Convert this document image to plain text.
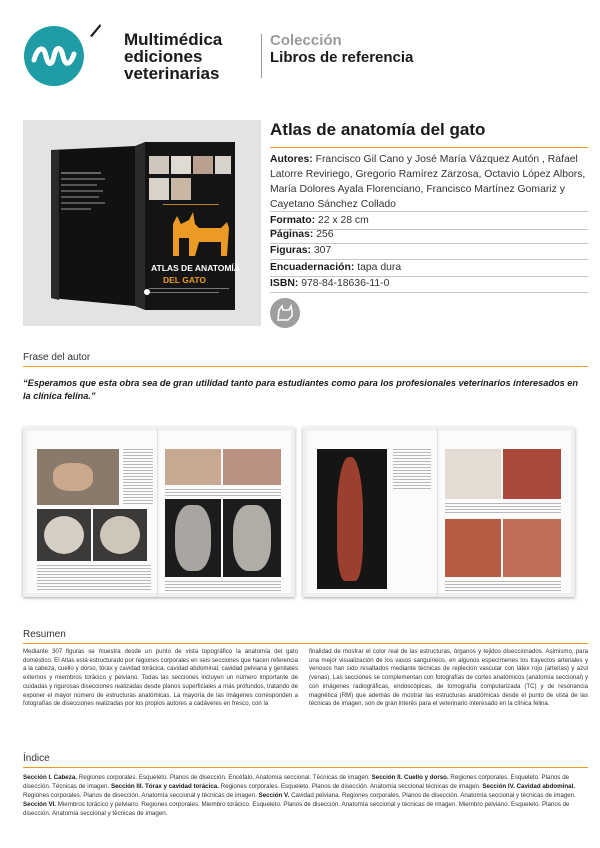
Multimédica
ediciones
veterinarias
Colección
Libros de referencia
ATLAS DE ANATOMÍA
DEL GATO
Atlas de anatomía del gato
Autores: Francisco Gil Cano y José María Vázquez Autón , Rafael Latorre Reviriego, Gregorio Ramírez Zarzosa, Octavio López Albors, María Dolores Ayala Florenciano, Francisco Martínez Gomariz y Cayetano Sánchez Collado
Formato: 22 x 28 cm
Páginas: 256
Figuras: 307
Encuadernación: tapa dura
ISBN: 978-84-18636-11-0
Frase del autor
“Esperamos que esta obra sea de gran utilidad tanto para estudiantes como para los profesionales veterinarios interesados en la clínica felina.”
Resumen
Mediante 307 figuras se muestra desde un punto de vista topográfico la anatomía del gato doméstico. El Atlas está estructurado por regiones corporales en seis secciones que hacen referencia a la cabeza, cuello y dorso, tórax y cavidad torácica, cavidad abdominal, cavidad pelviana y genitales externos y miembros torácico y pelviano. Todas las secciones incluyen un número importante de cuidadas y rigurosas disecciones realizadas desde planos superficiales a más profundos, tratando de exponer el mayor número de estructuras anatómicas. La mayoría de las imágenes corresponden a fotografías de disecciones realizadas por los propios autores a cadáveres en fresco, con la
finalidad de mostrar el color real de las estructuras, órganos y tejidos diseccionados. Asimismo, para una mejor visualización de los vasos sanguíneos, en algunos especímenes los trayectos arteriales y venosos han sido resaltados mediante técnicas de repleción vascular con látex rojo (arterias) y azul (venas). Las secciones se complementan con fotografías de cortes anatómicos (anatomía seccional) y con imágenes radiográficas, endoscópicas, de tomografía computarizada (TC) y de resonancia magnética (RM) que además de mostrar las estructuras anatómicas desde el punto de vista de las técnicas de imagen, son de gran interés para el veterinario interesado en la clínica felina.
Índice
Sección I. Cabeza. Regiones corporales. Esqueleto. Planos de disección. Encéfalo. Anatomía seccional. Técnicas de imagen. Sección II. Cuello y dorso. Regiones corporales. Esqueleto. Planos de disección. Técnicas de imagen. Sección III. Tórax y cavidad torácica. Regiones corporales. Esqueleto. Planos de disección. Anatomía seccional técnicas de imagen. Sección IV. Cavidad abdominal. Regiones corporales. Planos de disección. Anatomía seccional y técnicas de imagen. Sección V. Cavidad pelviana. Regiones corporales. Planos de disección. Anatomía seccional y técnicas de imagen. Sección VI. Miembros torácico y pelviano. Regiones corporales. Miembro torácico. Esqueleto. Planos de disección. Anatomía seccional y técnicas de imagen. Miembro pelviano. Esqueleto. Planos de disección. Anatomía seccional y técnicas de imagen.
